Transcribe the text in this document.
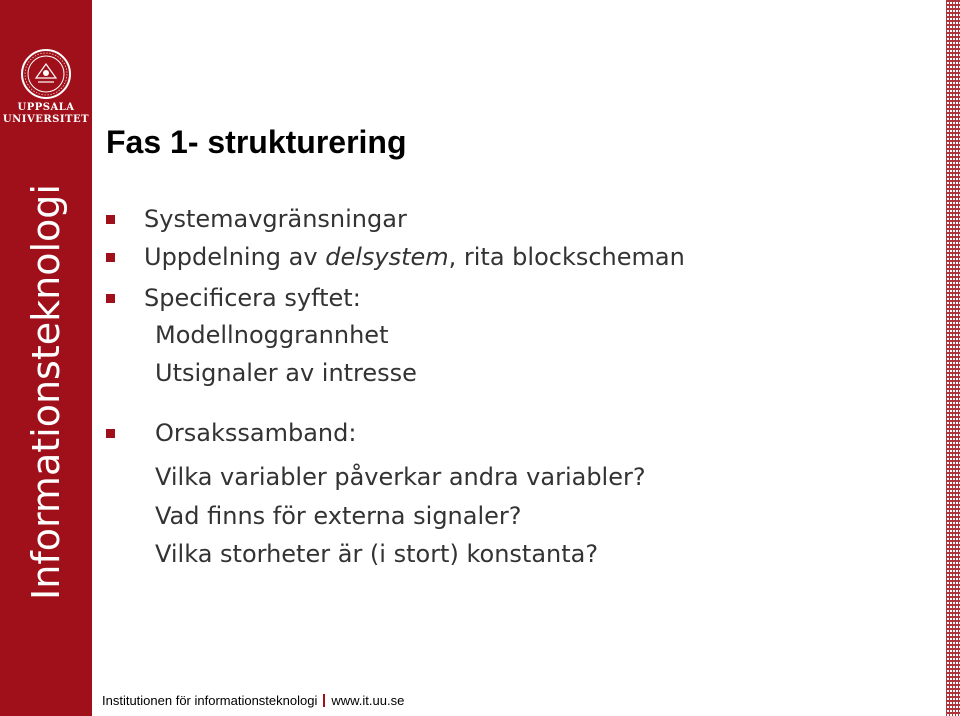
UPPSALA
UNIVERSITET
Informationsteknologi
Fas 1- strukturering
Systemavgränsningar
Uppdelning av delsystem, rita blockscheman
Specificera syftet:
Modellnoggrannhet
Utsignaler av intresse
Orsakssamband:
Vilka variabler påverkar andra variabler?
Vad finns för externa signaler?
Vilka storheter är (i stort) konstanta?
Institutionen för informationsteknologi www.it.uu.se
